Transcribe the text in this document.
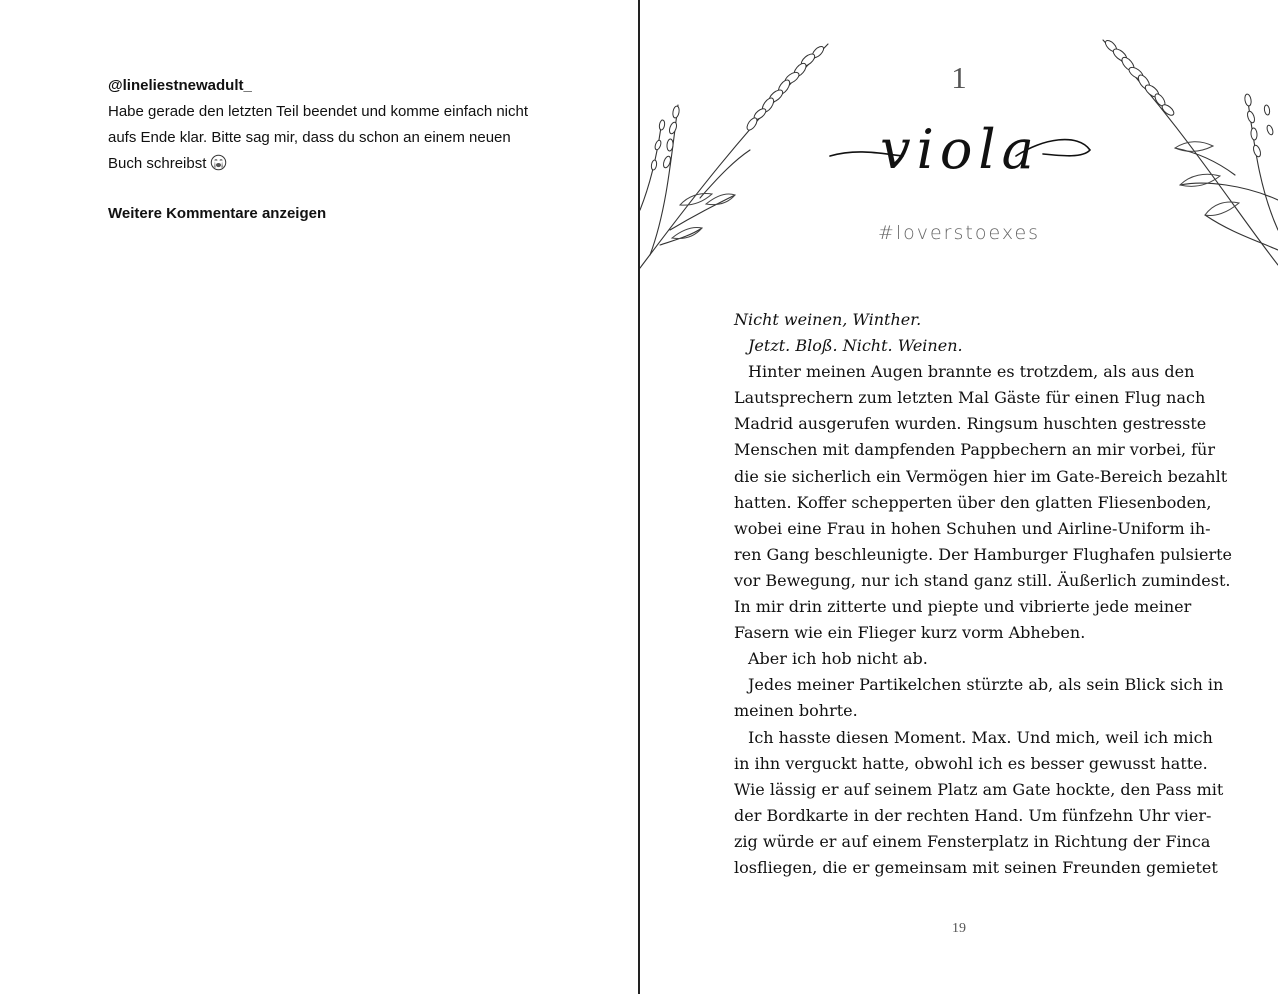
@lineliestnewadult_
Habe gerade den letzten Teil beendet und komme einfach nicht
aufs Ende klar. Bitte sag mir, dass du schon an einem neuen
Buch schreibst
Weitere Kommentare anzeigen
1
viola
#loverstoexes
Nicht weinen, Winther.
Jetzt. Bloß. Nicht. Weinen.
Hinter meinen Augen brannte es trotzdem, als aus den
Lautsprechern zum letzten Mal Gäste für einen Flug nach
Madrid ausgerufen wurden. Ringsum huschten gestresste
Menschen mit dampfenden Pappbechern an mir vorbei, für
die sie sicherlich ein Vermögen hier im Gate-Bereich bezahlt
hatten. Koffer schepperten über den glatten Fliesenboden,
wobei eine Frau in hohen Schuhen und Airline-Uniform ih-
ren Gang beschleunigte. Der Hamburger Flughafen pulsierte
vor Bewegung, nur ich stand ganz still. Äußerlich zumindest.
In mir drin zitterte und piepte und vibrierte jede meiner
Fasern wie ein Flieger kurz vorm Abheben.
Aber ich hob nicht ab.
Jedes meiner Partikelchen stürzte ab, als sein Blick sich in
meinen bohrte.
Ich hasste diesen Moment. Max. Und mich, weil ich mich
in ihn verguckt hatte, obwohl ich es besser gewusst hatte.
Wie lässig er auf seinem Platz am Gate hockte, den Pass mit
der Bordkarte in der rechten Hand. Um fünfzehn Uhr vier-
zig würde er auf einem Fensterplatz in Richtung der Finca
losfliegen, die er gemeinsam mit seinen Freunden gemietet
19
